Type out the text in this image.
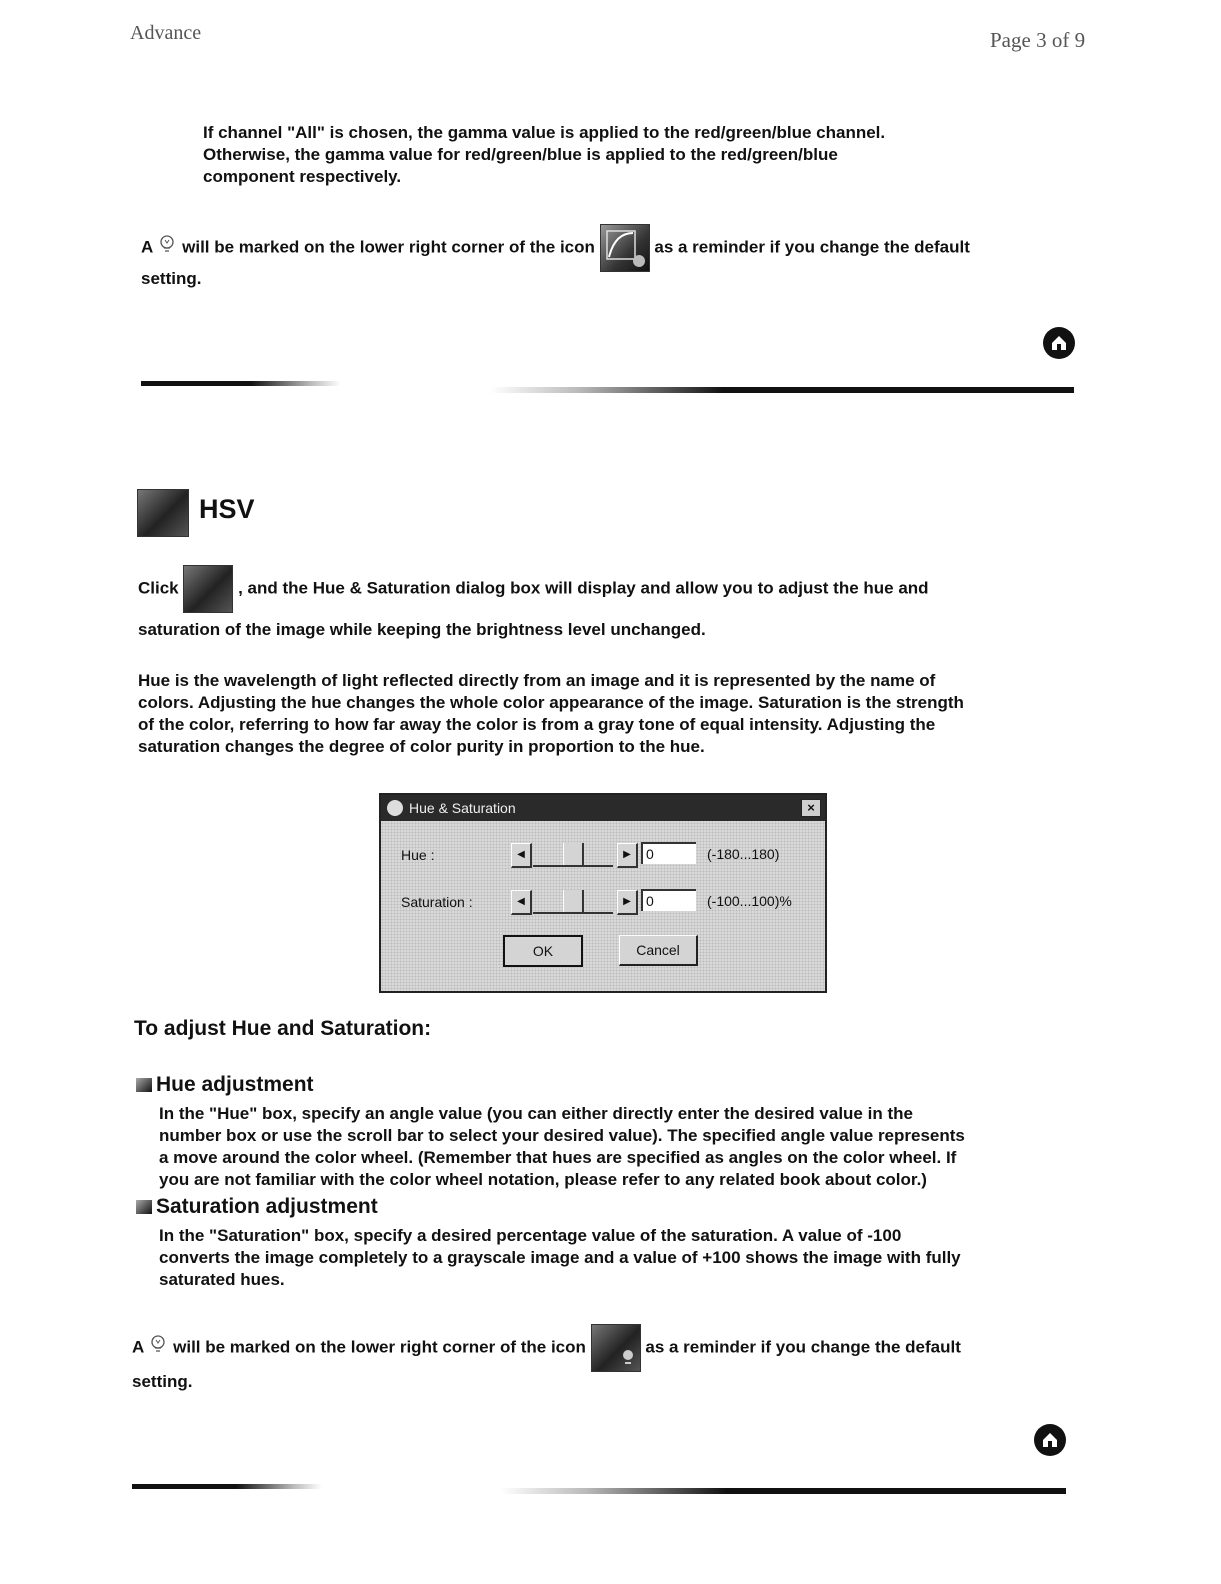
Advance	Page 3 of 9
If channel "All" is chosen, the gamma value is applied to the red/green/blue channel.
Otherwise, the gamma value for red/green/blue is applied to the red/green/blue
component respectively.
A will be marked on the lower right corner of the icon	as a reminder if you change the default
setting.
HSV
Click	, and the Hue & Saturation dialog box will display and allow you to adjust the hue and
saturation of the image while keeping the brightness level unchanged.
Hue is the wavelength of light reflected directly from an image and it is represented by the name of
colors. Adjusting the hue changes the whole color appearance of the image. Saturation is the strength
of the color, referring to how far away the color is from a gray tone of equal intensity. Adjusting the
saturation changes the degree of color purity in proportion to the hue.
Hue & Saturation	×
Hue :	◀	▶	0	(-180...180)
Saturation :	◀	▶	0	(-100...100)%
OK	Cancel
To adjust Hue and Saturation:
Hue adjustment
In the "Hue" box, specify an angle value (you can either directly enter the desired value in the
number box or use the scroll bar to select your desired value). The specified angle value represents
a move around the color wheel. (Remember that hues are specified as angles on the color wheel. If
you are not familiar with the color wheel notation, please refer to any related book about color.)
Saturation adjustment
In the "Saturation" box, specify a desired percentage value of the saturation. A value of -100
converts the image completely to a grayscale image and a value of +100 shows the image with fully
saturated hues.
A will be marked on the lower right corner of the icon	as a reminder if you change the default
setting.
